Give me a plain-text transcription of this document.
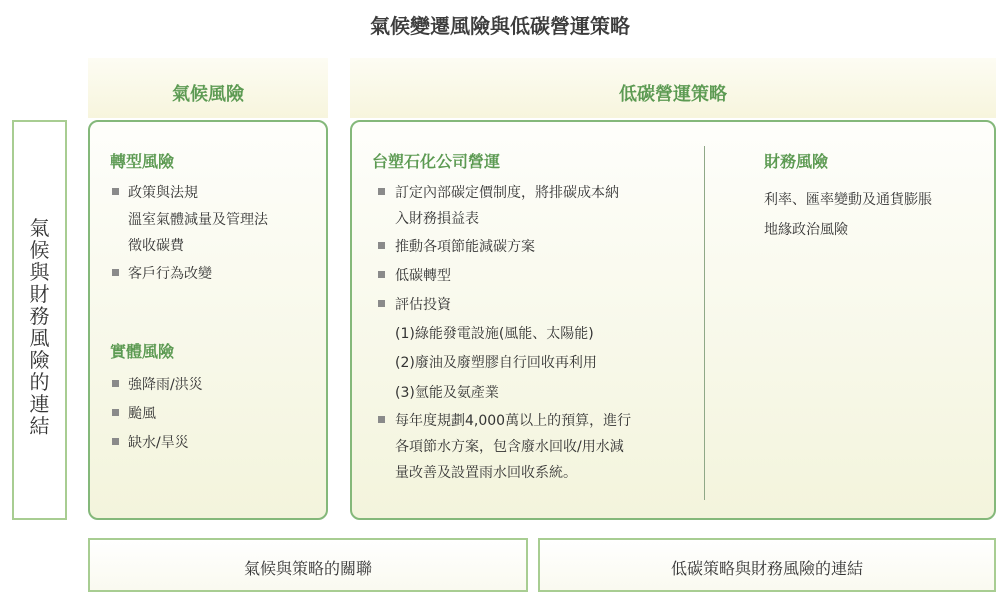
氣候變遷風險與低碳營運策略
氣候風險	低碳營運策略
氣
候
與
財
務
風
險
的
連
結
轉型風險
政策與法規
溫室氣體減量及管理法
徵收碳費
客戶行為改變
實體風險
強降雨/洪災
颱風
缺水/旱災
台塑石化公司營運
訂定內部碳定價制度，將排碳成本納
入財務損益表
推動各項節能減碳方案
低碳轉型
評估投資
(1)綠能發電設施(風能、太陽能)
(2)廢油及廢塑膠自行回收再利用
(3)氫能及氨產業
每年度規劃4,000萬以上的預算，進行
各項節水方案，包含廢水回收/用水減
量改善及設置雨水回收系統。
財務風險
利率、匯率變動及通貨膨脹
地緣政治風險
氣候與策略的關聯	低碳策略與財務風險的連結
